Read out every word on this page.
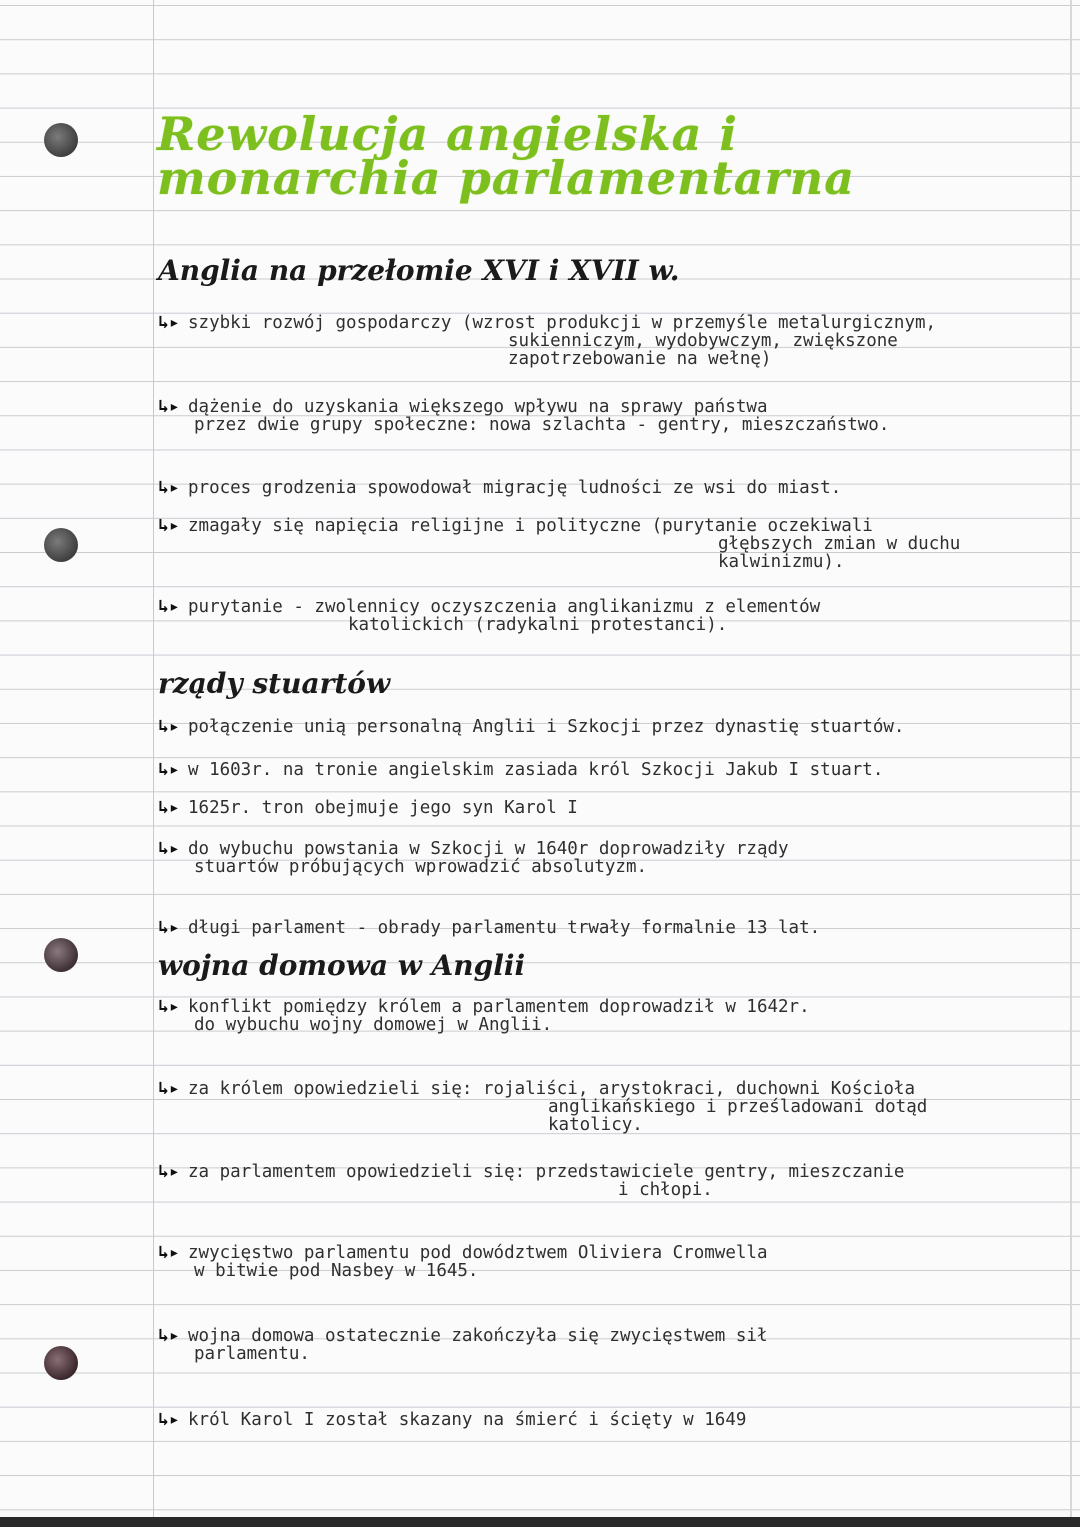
Rewolucja angielska i monarchia parlamentarna
Anglia na przełomie XVI i XVII w.
↳▸ szybki rozwój gospodarczy (wzrost produkcji w przemyśle metalurgicznym,
sukienniczym, wydobywczym, zwiększone
zapotrzebowanie na wełnę)
↳▸ dążenie do uzyskania większego wpływu na sprawy państwa
przez dwie grupy społeczne: nowa szlachta - gentry, mieszczaństwo.
↳▸ proces grodzenia spowodował migrację ludności ze wsi do miast.
↳▸ zmagały się napięcia religijne i polityczne (purytanie oczekiwali
głębszych zmian w duchu
kalwinizmu).
↳▸ purytanie - zwolennicy oczyszczenia anglikanizmu z elementów
katolickich (radykalni protestanci).
rządy stuartów
↳▸ połączenie unią personalną Anglii i Szkocji przez dynastię stuartów.
↳▸ w 1603r. na tronie angielskim zasiada król Szkocji Jakub I stuart.
↳▸ 1625r. tron obejmuje jego syn Karol I
↳▸ do wybuchu powstania w Szkocji w 1640r doprowadziły rządy
stuartów próbujących wprowadzić absolutyzm.
↳▸ długi parlament - obrady parlamentu trwały formalnie 13 lat.
wojna domowa w Anglii
↳▸ konflikt pomiędzy królem a parlamentem doprowadził w 1642r.
do wybuchu wojny domowej w Anglii.
↳▸ za królem opowiedzieli się: rojaliści, arystokraci, duchowni Kościoła
anglikańskiego i prześladowani dotąd
katolicy.
↳▸ za parlamentem opowiedzieli się: przedstawiciele gentry, mieszczanie
i chłopi.
↳▸ zwycięstwo parlamentu pod dowództwem Oliviera Cromwella
w bitwie pod Nasbey w 1645.
↳▸ wojna domowa ostatecznie zakończyła się zwycięstwem sił
parlamentu.
↳▸ król Karol I został skazany na śmierć i ścięty w 1649
